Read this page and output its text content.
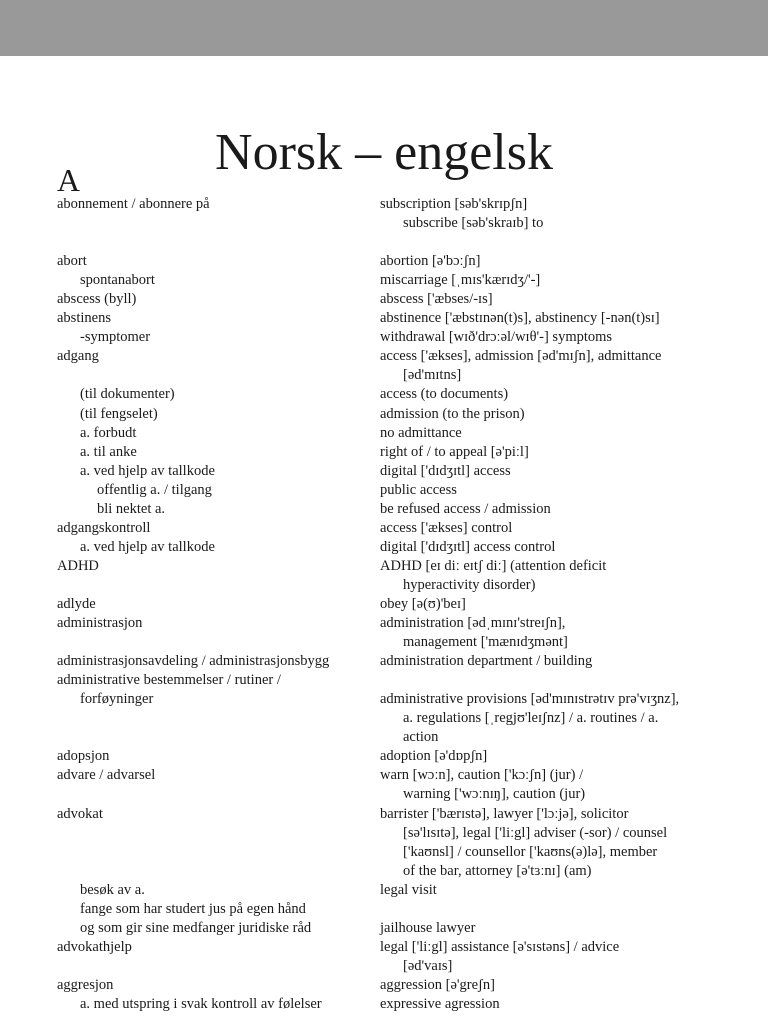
Norsk – engelsk
A
abonnement / abonnere på	subscription [səb'skrɪpʃn]
subscribe [səb'skraɪb] to

abort	abortion [ə'bɔːʃn]
spontanabort	miscarriage [ˌmɪs'kærɪdʒ/'-]
abscess (byll)	abscess ['æbses/-ɪs]
abstinens	abstinence ['æbstɪnən(t)s], abstinency [-nən(t)sɪ]
-symptomer	withdrawal [wɪð'drɔːəl/wɪθ'-] symptoms
adgang	access ['ækses], admission [əd'mɪʃn], admittance
[əd'mɪtns]
(til dokumenter)	access (to documents)
(til fengselet)	admission (to the prison)
a. forbudt	no admittance
a. til anke	right of / to appeal [ə'piːl]
a. ved hjelp av tallkode	digital ['dɪdʒɪtl] access
offentlig a. / tilgang	public access
bli nektet a.	be refused access / admission
adgangskontroll	access ['ækses] control
a. ved hjelp av tallkode	digital ['dɪdʒɪtl] access control
ADHD	ADHD [eɪ diː eɪtʃ diː] (attention deficit
hyperactivity disorder)
adlyde	obey [ə(ʊ)'beɪ]
administrasjon	administration [ədˌmɪnɪ'streɪʃn],
management ['mænɪdʒmənt]
administrasjonsavdeling / administrasjonsbygg	administration department / building
administrative bestemmelser / rutiner /

forføyninger	administrative provisions [əd'mɪnɪstrətɪv prə'vɪʒnz],
a. regulations [ˌregjʊ'leɪʃnz] / a. routines / a.
action
adopsjon	adoption [ə'dɒpʃn]
advare / advarsel	warn [wɔːn], caution ['kɔːʃn] (jur) /
warning ['wɔːnɪŋ], caution (jur)
advokat	barrister ['bærɪstə], lawyer ['lɔːjə], solicitor
[sə'lɪsɪtə], legal ['liːgl] adviser (-sor) / counsel
['kaʊnsl] / counsellor ['kaʊns(ə)lə], member
of the bar, attorney [ə'tɜːnɪ] (am)
besøk av a.	legal visit
fange som har studert jus på egen hånd

og som gir sine medfanger juridiske råd	jailhouse lawyer
advokathjelp	legal ['liːgl] assistance [ə'sɪstəns] / advice
[əd'vaɪs]
aggresjon	aggression [ə'greʃn]
a. med utspring i svak kontroll av følelser	expressive agression
